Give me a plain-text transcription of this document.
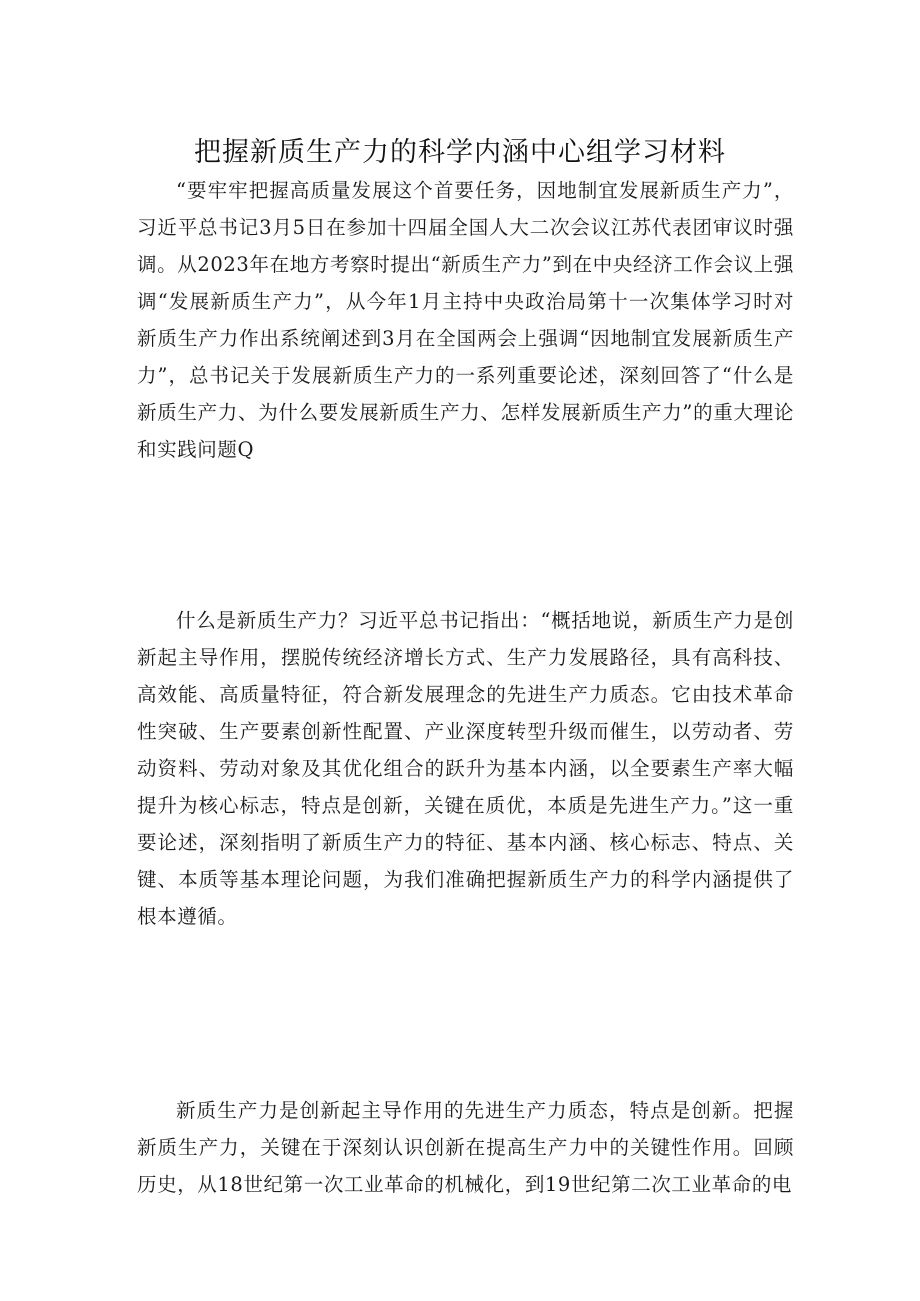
把握新质生产力的科学内涵中心组学习材料

“要牢牢把握高质量发展这个首要任务，因地制宜发展新质生产力”，习近平总书记3月5日在参加十四届全国人大二次会议江苏代表团审议时强调。从2023年在地方考察时提出“新质生产力”到在中央经济工作会议上强调“发展新质生产力”，从今年1月主持中央政治局第十一次集体学习时对新质生产力作出系统阐述到3月在全国两会上强调“因地制宜发展新质生产力”，总书记关于发展新质生产力的一系列重要论述，深刻回答了“什么是新质生产力、为什么要发展新质生产力、怎样发展新质生产力”的重大理论和实践问题Q

什么是新质生产力？习近平总书记指出：“概括地说，新质生产力是创新起主导作用，摆脱传统经济增长方式、生产力发展路径，具有高科技、高效能、高质量特征，符合新发展理念的先进生产力质态。它由技术革命性突破、生产要素创新性配置、产业深度转型升级而催生，以劳动者、劳动资料、劳动对象及其优化组合的跃升为基本内涵，以全要素生产率大幅提升为核心标志，特点是创新，关键在质优，本质是先进生产力。”这一重要论述，深刻指明了新质生产力的特征、基本内涵、核心标志、特点、关键、本质等基本理论问题，为我们准确把握新质生产力的科学内涵提供了根本遵循。

新质生产力是创新起主导作用的先进生产力质态，特点是创新。把握新质生产力，关键在于深刻认识创新在提高生产力中的关键性作用。回顾历史，从18世纪第一次工业革命的机械化，到19世纪第二次工业革命的电
